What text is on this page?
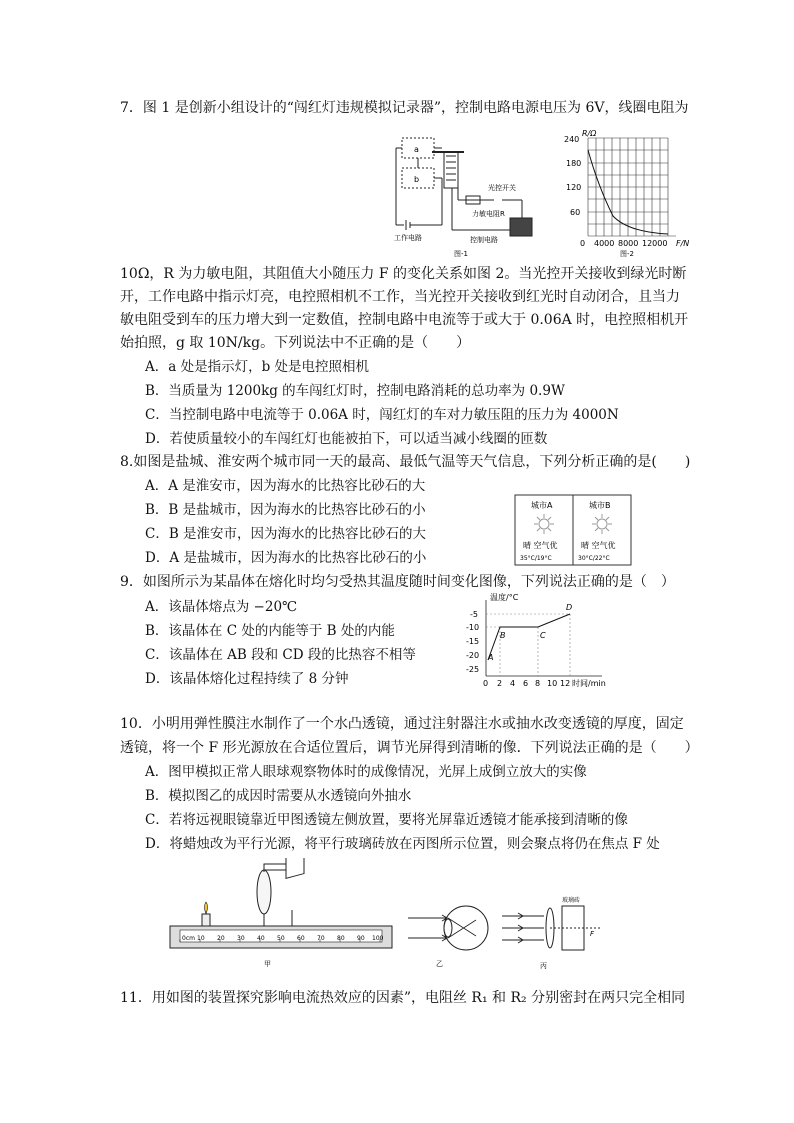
7．图 1 是创新小组设计的“闯红灯违规模拟记录器”，控制电路电源电压为 6V，线圈电阻为
a
b
光控开关
力敏电阻R
工作电路	控制电路
图-1
R/Ω
240
180
120
60
0 4000 8000 12000 F/N
图-2
10Ω，R 为力敏电阻，其阻值大小随压力 F 的变化关系如图 2。当光控开关接收到绿光时断
开，工作电路中指示灯亮，电控照相机不工作，当光控开关接收到红光时自动闭合，且当力
敏电阻受到车的压力增大到一定数值，控制电路中电流等于或大于 0.06A 时，电控照相机开
始拍照，g 取 10N/kg。下列说法中不正确的是（　　）
A．a 处是指示灯，b 处是电控照相机
B．当质量为 1200kg 的车闯红灯时，控制电路消耗的总功率为 0.9W
C．当控制电路中电流等于 0.06A 时，闯红灯的车对力敏压阻的压力为 4000N
D．若使质量较小的车闯红灯也能被拍下，可以适当减小线圈的匝数
8.如图是盐城、淮安两个城市同一天的最高、最低气温等天气信息，下列分析正确的是(　　)
A．A 是淮安市，因为海水的比热容比砂石的大
B．B 是盐城市，因为海水的比热容比砂石的小
C．B 是淮安市，因为海水的比热容比砂石的大
D．A 是盐城市，因为海水的比热容比砂石的小
城市A	城市B
晴 空气优	晴 空气优
35°C/19°C	30°C/22°C
9．如图所示为某晶体在熔化时均匀受热其温度随时间变化图像，下列说法正确的是（　）
A．该晶体熔点为 −20℃
B．该晶体在 C 处的内能等于 B 处的内能
C．该晶体在 AB 段和 CD 段的比热容不相等
D．该晶体熔化过程持续了 8 分钟
温度/°C
-5
-10
-15
-20
-25
0 2 4 6 8 10 12 时间/min
A
B	C
D
10．小明用弹性膜注水制作了一个水凸透镜，通过注射器注水或抽水改变透镜的厚度，固定
透镜，将一个 F 形光源放在合适位置后，调节光屏得到清晰的像．下列说法正确的是（　　）
A．图甲模拟正常人眼球观察物体时的成像情况，光屏上成倒立放大的实像
B．模拟图乙的成因时需要从水透镜向外抽水
C．若将远视眼镜靠近甲图透镜左侧放置，要将光屏靠近透镜才能承接到清晰的像
D．将蜡烛改为平行光源，将平行玻璃砖放在丙图所示位置，则会聚点将仍在焦点 F 处
0cm 10 20 30 40 50 60 70 80 90 100
甲	乙
F
玻璃砖
丙
11．用如图的装置探究影响电流热效应的因素”，电阻丝 R₁ 和 R₂ 分别密封在两只完全相同
